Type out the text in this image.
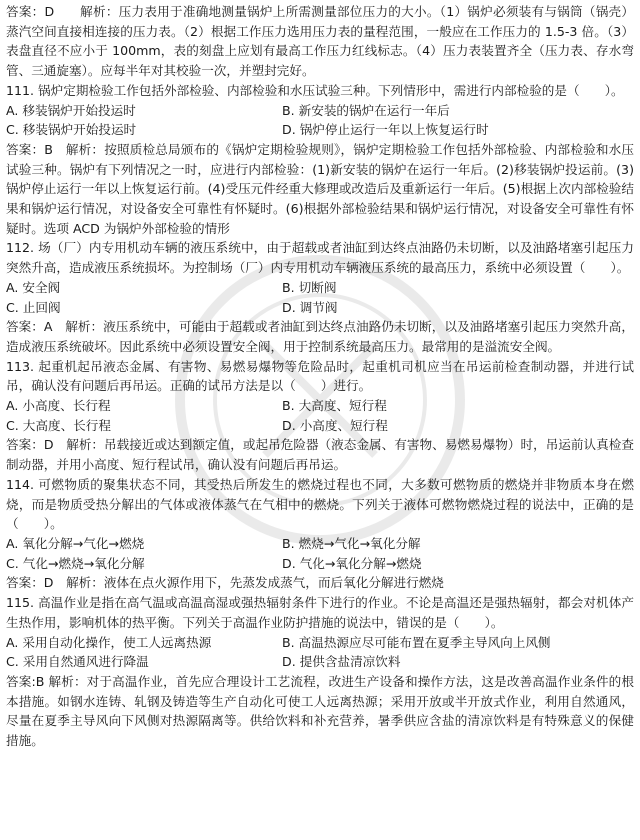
答案：D　　解析：压力表用于准确地测量锅炉上所需测量部位压力的大小。（1）锅炉必须装有与锅筒（锅壳）蒸汽空间直接相连接的压力表。（2）根据工作压力选用压力表的量程范围，一般应在工作压力的 1.5-3 倍。（3）表盘直径不应小于 100mm，表的刻盘上应划有最高工作压力红线标志。（4）压力表装置齐全（压力表、存水弯管、三通旋塞）。应每半年对其校验一次，并塑封完好。

111. 锅炉定期检验工作包括外部检验、内部检验和水压试验三种。下列情形中，需进行内部检验的是（　　）。

A. 移装锅炉开始投运时	B. 新安装的锅炉在运行一年后
C. 移装锅炉开始投运时	D. 锅炉停止运行一年以上恢复运行时

答案：B　解析：按照质检总局颁布的《锅炉定期检验规则》，锅炉定期检验工作包括外部检验、内部检验和水压试验三种。锅炉有下列情况之一时，应进行内部检验：(1)新安装的锅炉在运行一年后。(2)移装锅炉投运前。(3)锅炉停止运行一年以上恢复运行前。(4)受压元件经重大修理或改造后及重新运行一年后。(5)根据上次内部检验结果和锅炉运行情况，对设备安全可靠性有怀疑时。(6)根据外部检验结果和锅炉运行情况，对设备安全可靠性有怀疑时。选项 ACD 为锅炉外部检验的情形

112. 场（厂）内专用机动车辆的液压系统中，由于超载或者油缸到达终点油路仍未切断，以及油路堵塞引起压力突然升高，造成液压系统损坏。为控制场（厂）内专用机动车辆液压系统的最高压力，系统中必须设置（　　）。

A. 安全阀	B. 切断阀
C. 止回阀	D. 调节阀

答案：A　解析：液压系统中，可能由于超载或者油缸到达终点油路仍未切断，以及油路堵塞引起压力突然升高，造成液压系统破坏。因此系统中必须设置安全阀，用于控制系统最高压力。最常用的是溢流安全阀。

113. 起重机起吊液态金属、有害物、易燃易爆物等危险品时，起重机司机应当在吊运前检查制动器，并进行试吊，确认没有问题后再吊运。正确的试吊方法是以（　　）进行。

A. 小高度、长行程	B. 大高度、短行程
C. 大高度、长行程	D. 小高度、短行程

答案：D　解析：吊载接近或达到额定值，或起吊危险器（液态金属、有害物、易燃易爆物）时，吊运前认真检查制动器，并用小高度、短行程试吊，确认没有问题后再吊运。

114. 可燃物质的聚集状态不同，其受热后所发生的燃烧过程也不同，大多数可燃物质的燃烧并非物质本身在燃烧，而是物质受热分解出的气体或液体蒸气在气相中的燃烧。下列关于液体可燃物燃烧过程的说法中，正确的是（　　）。

A. 氧化分解→气化→燃烧	B. 燃烧→气化→氧化分解
C. 气化→燃烧→氧化分解	D. 气化→氧化分解→燃烧

答案：D　解析：液体在点火源作用下，先蒸发成蒸气，而后氧化分解进行燃烧

115. 高温作业是指在高气温或高温高湿或强热辐射条件下进行的作业。不论是高温还是强热辐射，都会对机体产生热作用，影响机体的热平衡。下列关于高温作业防护措施的说法中，错误的是（　　）。

A. 采用自动化操作，使工人远离热源	B. 高温热源应尽可能布置在夏季主导风向上风侧
C. 采用自然通风进行降温	D. 提供含盐清凉饮料

答案:B 解析：对于高温作业，首先应合理设计工艺流程，改进生产设备和操作方法，这是改善高温作业条件的根本措施。如钢水连铸、轧钢及铸造等生产自动化可使工人远离热源；采用开放或半开放式作业，利用自然通风，尽量在夏季主导风向下风侧对热源隔离等。供给饮料和补充营养，暑季供应含盐的清凉饮料是有特殊意义的保健措施。
